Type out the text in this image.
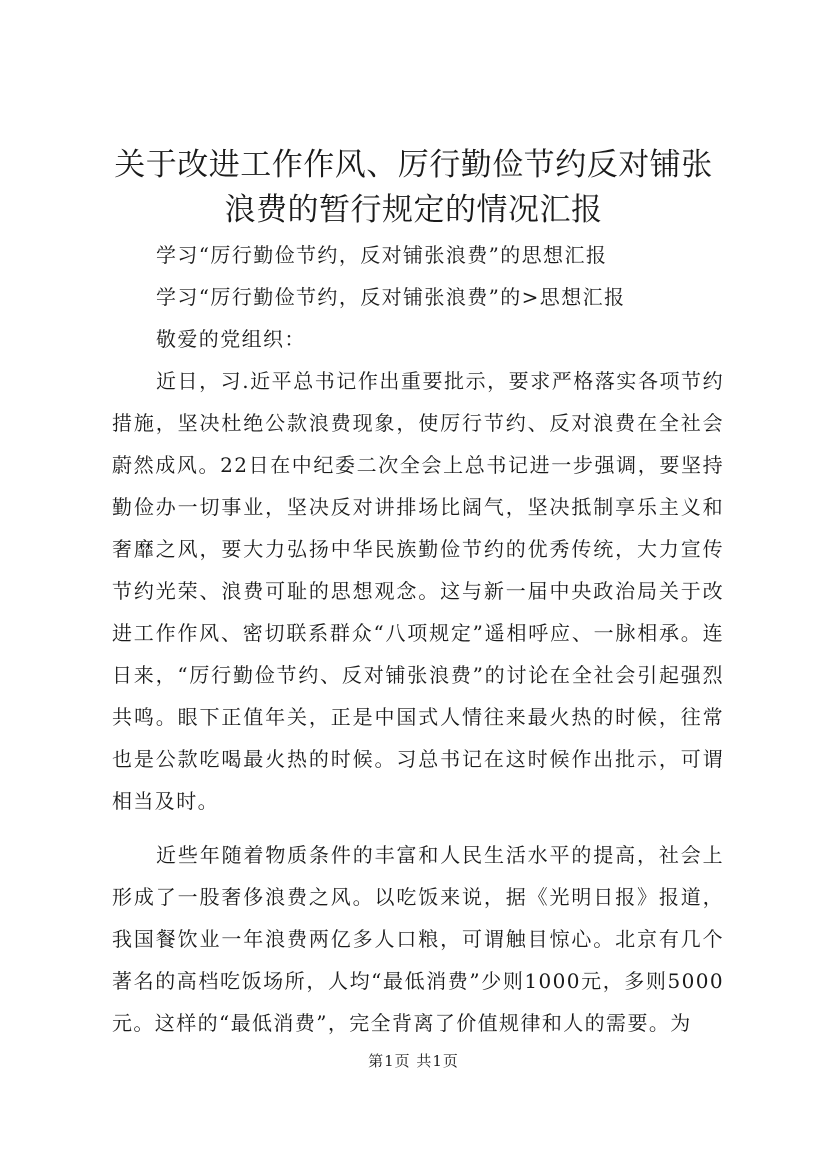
关于改进工作作风、厉行勤俭节约反对铺张浪费的暂行规定的情况汇报

学习“厉行勤俭节约，反对铺张浪费”的思想汇报

学习“厉行勤俭节约，反对铺张浪费”的>思想汇报

敬爱的党组织：

近日，习.近平总书记作出重要批示，要求严格落实各项节约措施，坚决杜绝公款浪费现象，使厉行节约、反对浪费在全社会蔚然成风。22日在中纪委二次全会上总书记进一步强调，要坚持勤俭办一切事业，坚决反对讲排场比阔气，坚决抵制享乐主义和奢靡之风，要大力弘扬中华民族勤俭节约的优秀传统，大力宣传节约光荣、浪费可耻的思想观念。这与新一届中央政治局关于改进工作作风、密切联系群众“八项规定”遥相呼应、一脉相承。连日来，“厉行勤俭节约、反对铺张浪费”的讨论在全社会引起强烈共鸣。眼下正值年关，正是中国式人情往来最火热的时候，往常也是公款吃喝最火热的时候。习总书记在这时候作出批示，可谓相当及时。

近些年随着物质条件的丰富和人民生活水平的提高，社会上形成了一股奢侈浪费之风。以吃饭来说，据《光明日报》报道，我国餐饮业一年浪费两亿多人口粮，可谓触目惊心。北京有几个著名的高档吃饭场所，人均“最低消费”少则1000元，多则5000元。这样的“最低消费”，完全背离了价值规律和人的需要。为

第1页 共1页
